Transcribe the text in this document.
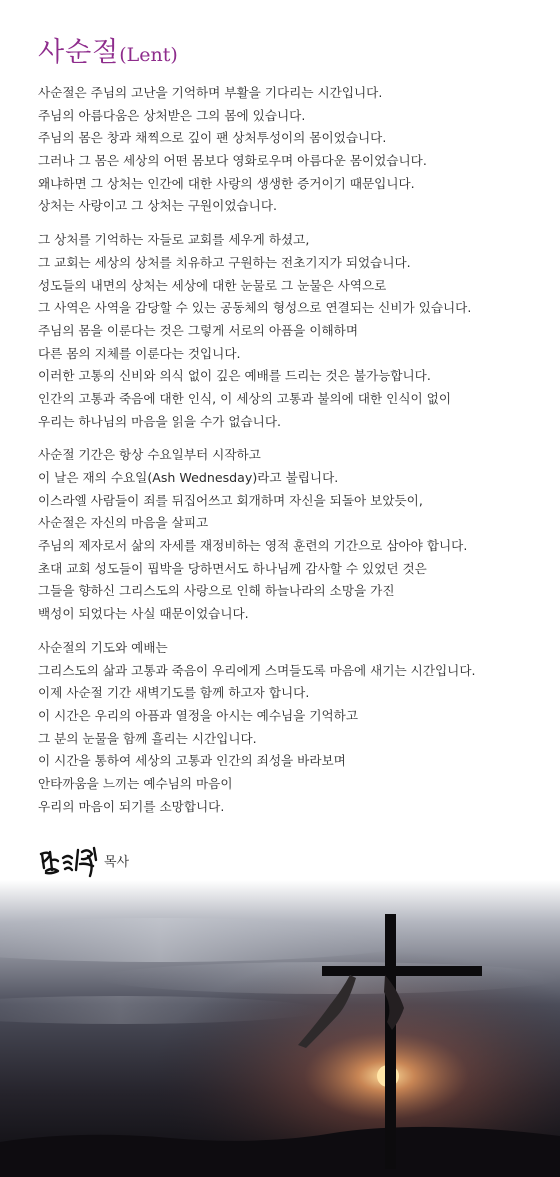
사순절(Lent)
사순절은 주님의 고난을 기억하며 부활을 기다리는 시간입니다.
주님의 아름다움은 상처받은 그의 몸에 있습니다.
주님의 몸은 창과 채찍으로 깊이 팬 상처투성이의 몸이었습니다.
그러나 그 몸은 세상의 어떤 몸보다 영화로우며 아름다운 몸이었습니다.
왜냐하면 그 상처는 인간에 대한 사랑의 생생한 증거이기 때문입니다.
상처는 사랑이고 그 상처는 구원이었습니다.
그 상처를 기억하는 자들로 교회를 세우게 하셨고,
그 교회는 세상의 상처를 치유하고 구원하는 전초기지가 되었습니다.
성도들의 내면의 상처는 세상에 대한 눈물로 그 눈물은 사역으로
그 사역은 사역을 감당할 수 있는 공동체의 형성으로 연결되는 신비가 있습니다.
주님의 몸을 이룬다는 것은 그렇게 서로의 아픔을 이해하며
다른 몸의 지체를 이룬다는 것입니다.
이러한 고통의 신비와 의식 없이 깊은 예배를 드리는 것은 불가능합니다.
인간의 고통과 죽음에 대한 인식, 이 세상의 고통과 불의에 대한 인식이 없이
우리는 하나님의 마음을 읽을 수가 없습니다.
사순절 기간은 항상 수요일부터 시작하고
이 날은 재의 수요일(Ash Wednesday)라고 불립니다.
이스라엘 사람들이 죄를 뒤집어쓰고 회개하며 자신을 되돌아 보았듯이,
사순절은 자신의 마음을 살피고
주님의 제자로서 삶의 자세를 재정비하는 영적 훈련의 기간으로 삼아야 합니다.
초대 교회 성도들이 핍박을 당하면서도 하나님께 감사할 수 있었던 것은
그들을 향하신 그리스도의 사랑으로 인해 하늘나라의 소망을 가진
백성이 되었다는 사실 때문이었습니다.
사순절의 기도와 예배는
그리스도의 삶과 고통과 죽음이 우리에게 스며들도록 마음에 새기는 시간입니다.
이제 사순절 기간 새벽기도를 함께 하고자 합니다.
이 시간은 우리의 아픔과 열정을 아시는 예수님을 기억하고
그 분의 눈물을 함께 흘리는 시간입니다.
이 시간을 통하여 세상의 고통과 인간의 죄성을 바라보며
안타까움을 느끼는 예수님의 마음이
우리의 마음이 되기를 소망합니다.
목사
